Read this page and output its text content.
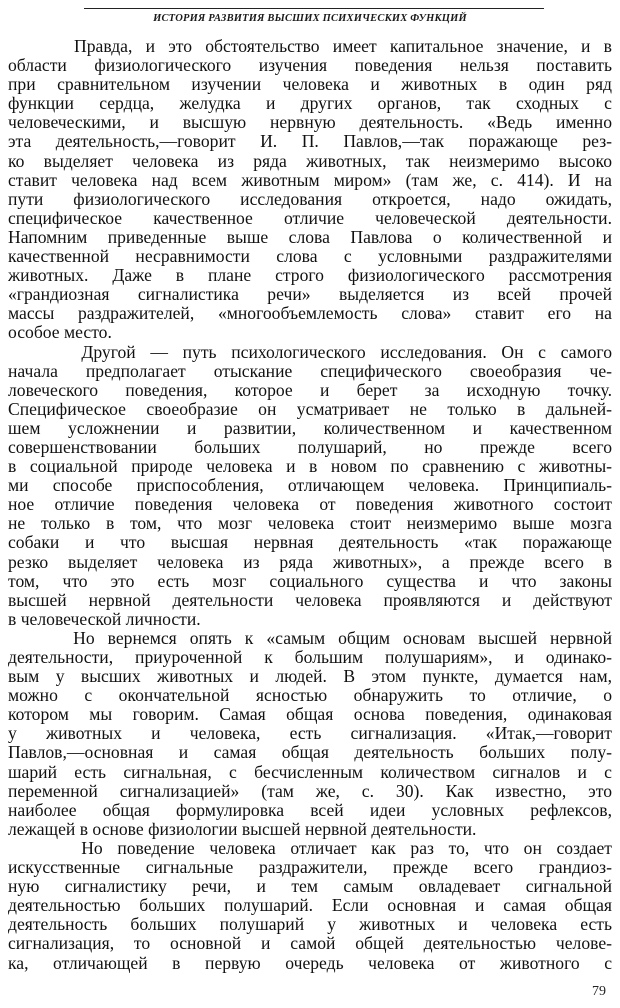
ИСТОРИЯ РАЗВИТИЯ ВЫСШИХ ПСИХИЧЕСКИХ ФУНКЦИЙ
Правда, и это обстоятельство имеет капитальное значение, и в
области физиологического изучения поведения нельзя поставить
при сравнительном изучении человека и животных в один ряд
функции сердца, желудка и других органов, так сходных с
человеческими, и высшую нервную деятельность. «Ведь именно
эта деятельность,—говорит И. П. Павлов,—так поражающе рез-
ко выделяет человека из ряда животных, так неизмеримо высоко
ставит человека над всем животным миром» (там же, с. 414). И на
пути физиологического исследования откроется, надо ожидать,
специфическое качественное отличие человеческой деятельности.
Напомним приведенные выше слова Павлова о количественной и
качественной несравнимости слова с условными раздражителями
животных. Даже в плане строго физиологического рассмотрения
«грандиозная сигналистика речи» выделяется из всей прочей
массы раздражителей, «многообъемлемость слова» ставит его на
особое место.
Другой — путь психологического исследования. Он с самого
начала предполагает отыскание специфического своеобразия че-
ловеческого поведения, которое и берет за исходную точку.
Специфическое своеобразие он усматривает не только в дальней-
шем усложнении и развитии, количественном и качественном
совершенствовании больших полушарий, но прежде всего
в социальной природе человека и в новом по сравнению с животны-
ми способе приспособления, отличающем человека. Принципиаль-
ное отличие поведения человека от поведения животного состоит
не только в том, что мозг человека стоит неизмеримо выше мозга
собаки и что высшая нервная деятельность «так поражающе
резко выделяет человека из ряда животных», а прежде всего в
том, что это есть мозг социального существа и что законы
высшей нервной деятельности человека проявляются и действуют
в человеческой личности.
Но вернемся опять к «самым общим основам высшей нервной
деятельности, приуроченной к большим полушариям», и одинако-
вым у высших животных и людей. В этом пункте, думается нам,
можно с окончательной ясностью обнаружить то отличие, о
котором мы говорим. Самая общая основа поведения, одинаковая
у животных и человека, есть сигнализация. «Итак,—говорит
Павлов,—основная и самая общая деятельность больших полу-
шарий есть сигнальная, с бесчисленным количеством сигналов и с
переменной сигнализацией» (там же, с. 30). Как известно, это
наиболее общая формулировка всей идеи условных рефлексов,
лежащей в основе физиологии высшей нервной деятельности.
Но поведение человека отличает как раз то, что он создает
искусственные сигнальные раздражители, прежде всего грандиоз-
ную сигналистику речи, и тем самым овладевает сигнальной
деятельностью больших полушарий. Если основная и самая общая
деятельность больших полушарий у животных и человека есть
сигнализация, то основной и самой общей деятельностью челове-
ка, отличающей в первую очередь человека от животного с
79
